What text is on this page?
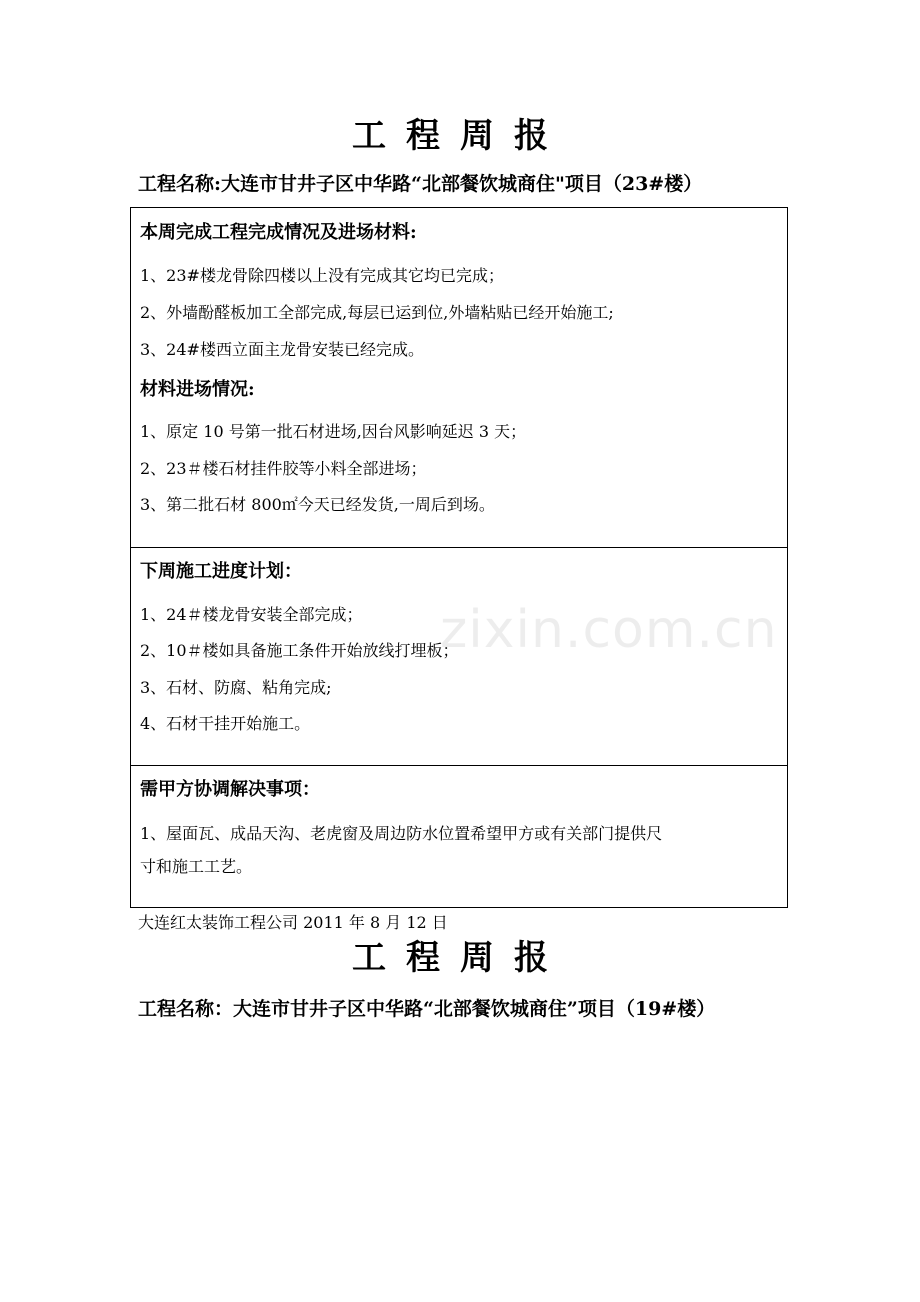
工程周报
工程名称:大连市甘井子区中华路“北部餐饮城商住"项目（23#楼）
本周完成工程完成情况及进场材料:
1、23#楼龙骨除四楼以上没有完成其它均已完成；
2、外墙酚醛板加工全部完成,每层已运到位,外墙粘贴已经开始施工;
3、24#楼西立面主龙骨安装已经完成。
材料进场情况:
1、原定 10 号第一批石材进场,因台风影响延迟 3 天；
2、23＃楼石材挂件胶等小料全部进场；
3、第二批石材 800㎡今天已经发货,一周后到场。
下周施工进度计划：
1、24＃楼龙骨安装全部完成；
2、10＃楼如具备施工条件开始放线打埋板；
3、石材、防腐、粘角完成;
4、石材干挂开始施工。
需甲方协调解决事项：
1、屋面瓦、成品天沟、老虎窗及周边防水位置希望甲方或有关部门提供尺
寸和施工工艺。
大连红太装饰工程公司 2011 年 8 月 12 日
工程周报
工程名称：大连市甘井子区中华路“北部餐饮城商住”项目（19#楼）
zixin.com.cn
